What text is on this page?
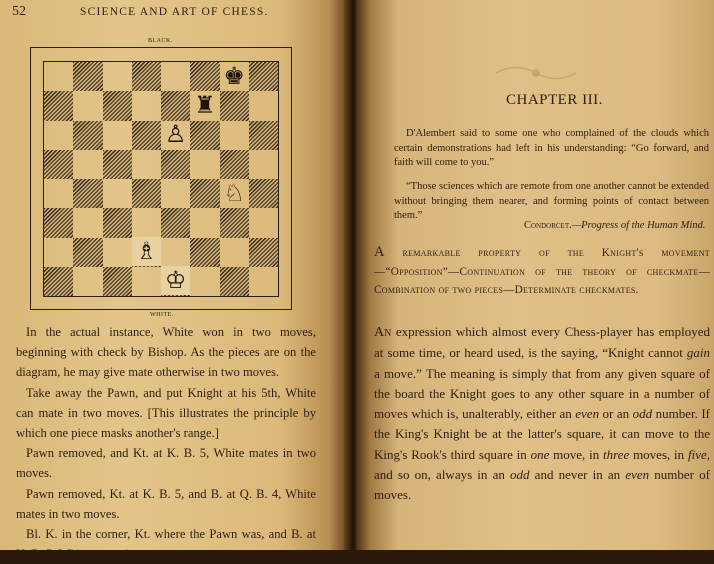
52	SCIENCE AND ART OF CHESS.
BLACK.
♚
♜
♙
♘
♗
♔
WHITE.

In the actual instance, White won in two moves, beginning with check by Bishop. As the pieces are on the diagram, he may give mate otherwise in two moves.

Take away the Pawn, and put Knight at his 5th, White can mate in two moves. [This illustrates the principle by which one piece masks another's range.]

Pawn removed, and Kt. at K. B. 5, White mates in two moves.

Pawn removed, Kt. at K. B. 5, and B. at Q. B. 4, White mates in two moves.

Bl. K. in the corner, Kt. where the Pawn was, and B. at K. R. 5, White mates in two moves.

CHAPTER III.

D'Alembert said to some one who complained of the clouds which certain demonstrations had left in his understanding: “Go forward, and faith will come to you.”

“Those sciences which are remote from one another cannot be extended without bringing them nearer, and forming points of contact between them.”

Condorcet.—Progress of the Human Mind.
A remarkable property of the Knight's movement —“Opposition”—Continuation of the theory of checkmate—Combination of two pieces—Determinate checkmates.
An expression which almost every Chess-player has employed at some time, or heard used, is the saying, “Knight cannot gain a move.” The meaning is simply that from any given square of the board the Knight goes to any other square in a number of moves which is, unalterably, either an even or an odd number. If the King's Knight be at the latter's square, it can move to the King's Rook's third square in one move, in three moves, in five, and so on, always in an odd and never in an even number of moves.
